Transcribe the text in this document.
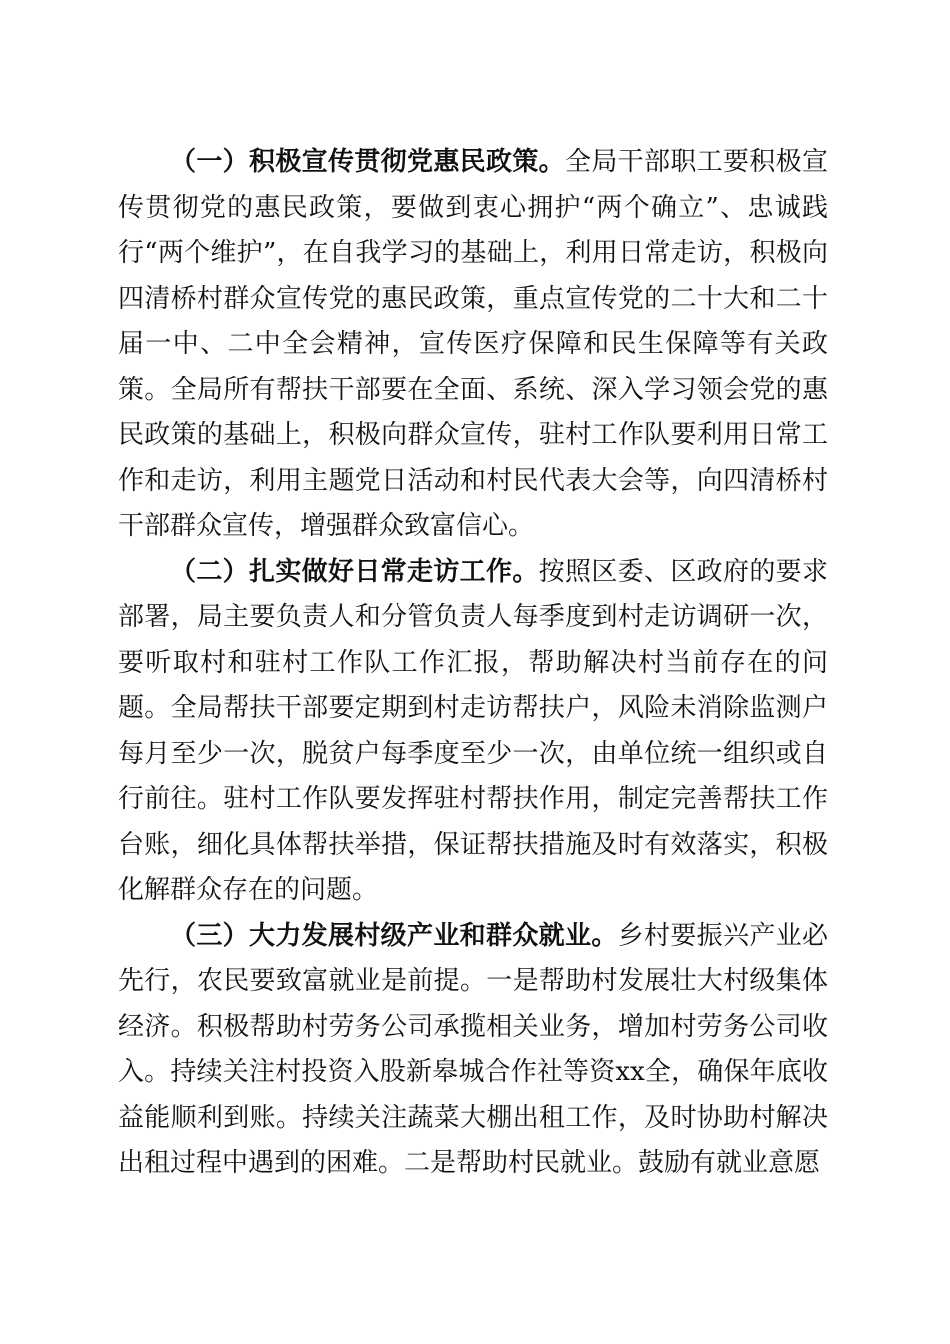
（一）积极宣传贯彻党惠民政策。全局干部职工要积极宣传贯彻党的惠民政策，要做到衷心拥护“两个确立”、忠诚践行“两个维护”，在自我学习的基础上，利用日常走访，积极向四清桥村群众宣传党的惠民政策，重点宣传党的二十大和二十届一中、二中全会精神，宣传医疗保障和民生保障等有关政策。全局所有帮扶干部要在全面、系统、深入学习领会党的惠民政策的基础上，积极向群众宣传，驻村工作队要利用日常工作和走访，利用主题党日活动和村民代表大会等，向四清桥村干部群众宣传，增强群众致富信心。

（二）扎实做好日常走访工作。按照区委、区政府的要求部署，局主要负责人和分管负责人每季度到村走访调研一次，要听取村和驻村工作队工作汇报，帮助解决村当前存在的问题。全局帮扶干部要定期到村走访帮扶户，风险未消除监测户每月至少一次，脱贫户每季度至少一次，由单位统一组织或自行前往。驻村工作队要发挥驻村帮扶作用，制定完善帮扶工作台账，细化具体帮扶举措，保证帮扶措施及时有效落实，积极化解群众存在的问题。

（三）大力发展村级产业和群众就业。乡村要振兴产业必先行，农民要致富就业是前提。一是帮助村发展壮大村级集体经济。积极帮助村劳务公司承揽相关业务，增加村劳务公司收入。持续关注村投资入股新皋城合作社等资xx全，确保年底收益能顺利到账。持续关注蔬菜大棚出租工作，及时协助村解决出租过程中遇到的困难。二是帮助村民就业。鼓励有就业意愿
